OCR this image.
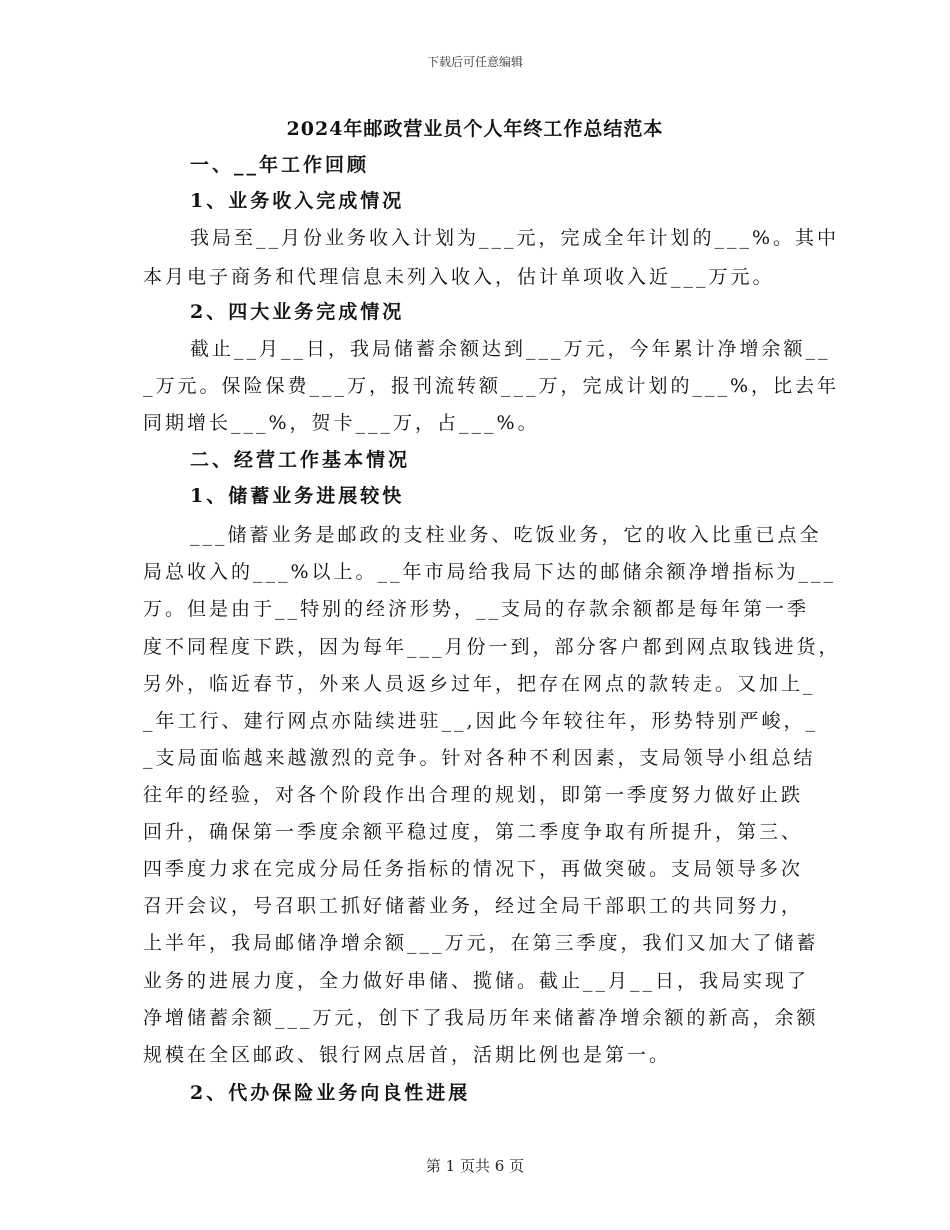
下载后可任意编辑
2024年邮政营业员个人年终工作总结范本
一、__年工作回顾
1、业务收入完成情况
我局至__月份业务收入计划为___元，完成全年计划的___%。其中
本月电子商务和代理信息未列入收入，估计单项收入近___万元。
2、四大业务完成情况
截止__月__日，我局储蓄余额达到___万元，今年累计净增余额__
_万元。保险保费___万，报刊流转额___万，完成计划的___%，比去年
同期增长___%，贺卡___万，占___%。
二、经营工作基本情况
1、储蓄业务进展较快
___储蓄业务是邮政的支柱业务、吃饭业务，它的收入比重已点全
局总收入的___%以上。__年市局给我局下达的邮储余额净增指标为___
万。但是由于__特别的经济形势，__支局的存款余额都是每年第一季
度不同程度下跌，因为每年___月份一到，部分客户都到网点取钱进货，
另外，临近春节，外来人员返乡过年，把存在网点的款转走。又加上_
_年工行、建行网点亦陆续进驻__,因此今年较往年，形势特别严峻，_
_支局面临越来越激烈的竞争。针对各种不利因素，支局领导小组总结
往年的经验，对各个阶段作出合理的规划，即第一季度努力做好止跌
回升，确保第一季度余额平稳过度，第二季度争取有所提升，第三、
四季度力求在完成分局任务指标的情况下，再做突破。支局领导多次
召开会议，号召职工抓好储蓄业务，经过全局干部职工的共同努力，
上半年，我局邮储净增余额___万元，在第三季度，我们又加大了储蓄
业务的进展力度，全力做好串储、揽储。截止__月__日，我局实现了
净增储蓄余额___万元，创下了我局历年来储蓄净增余额的新高，余额
规模在全区邮政、银行网点居首，活期比例也是第一。
2、代办保险业务向良性进展
第 1 页共 6 页
